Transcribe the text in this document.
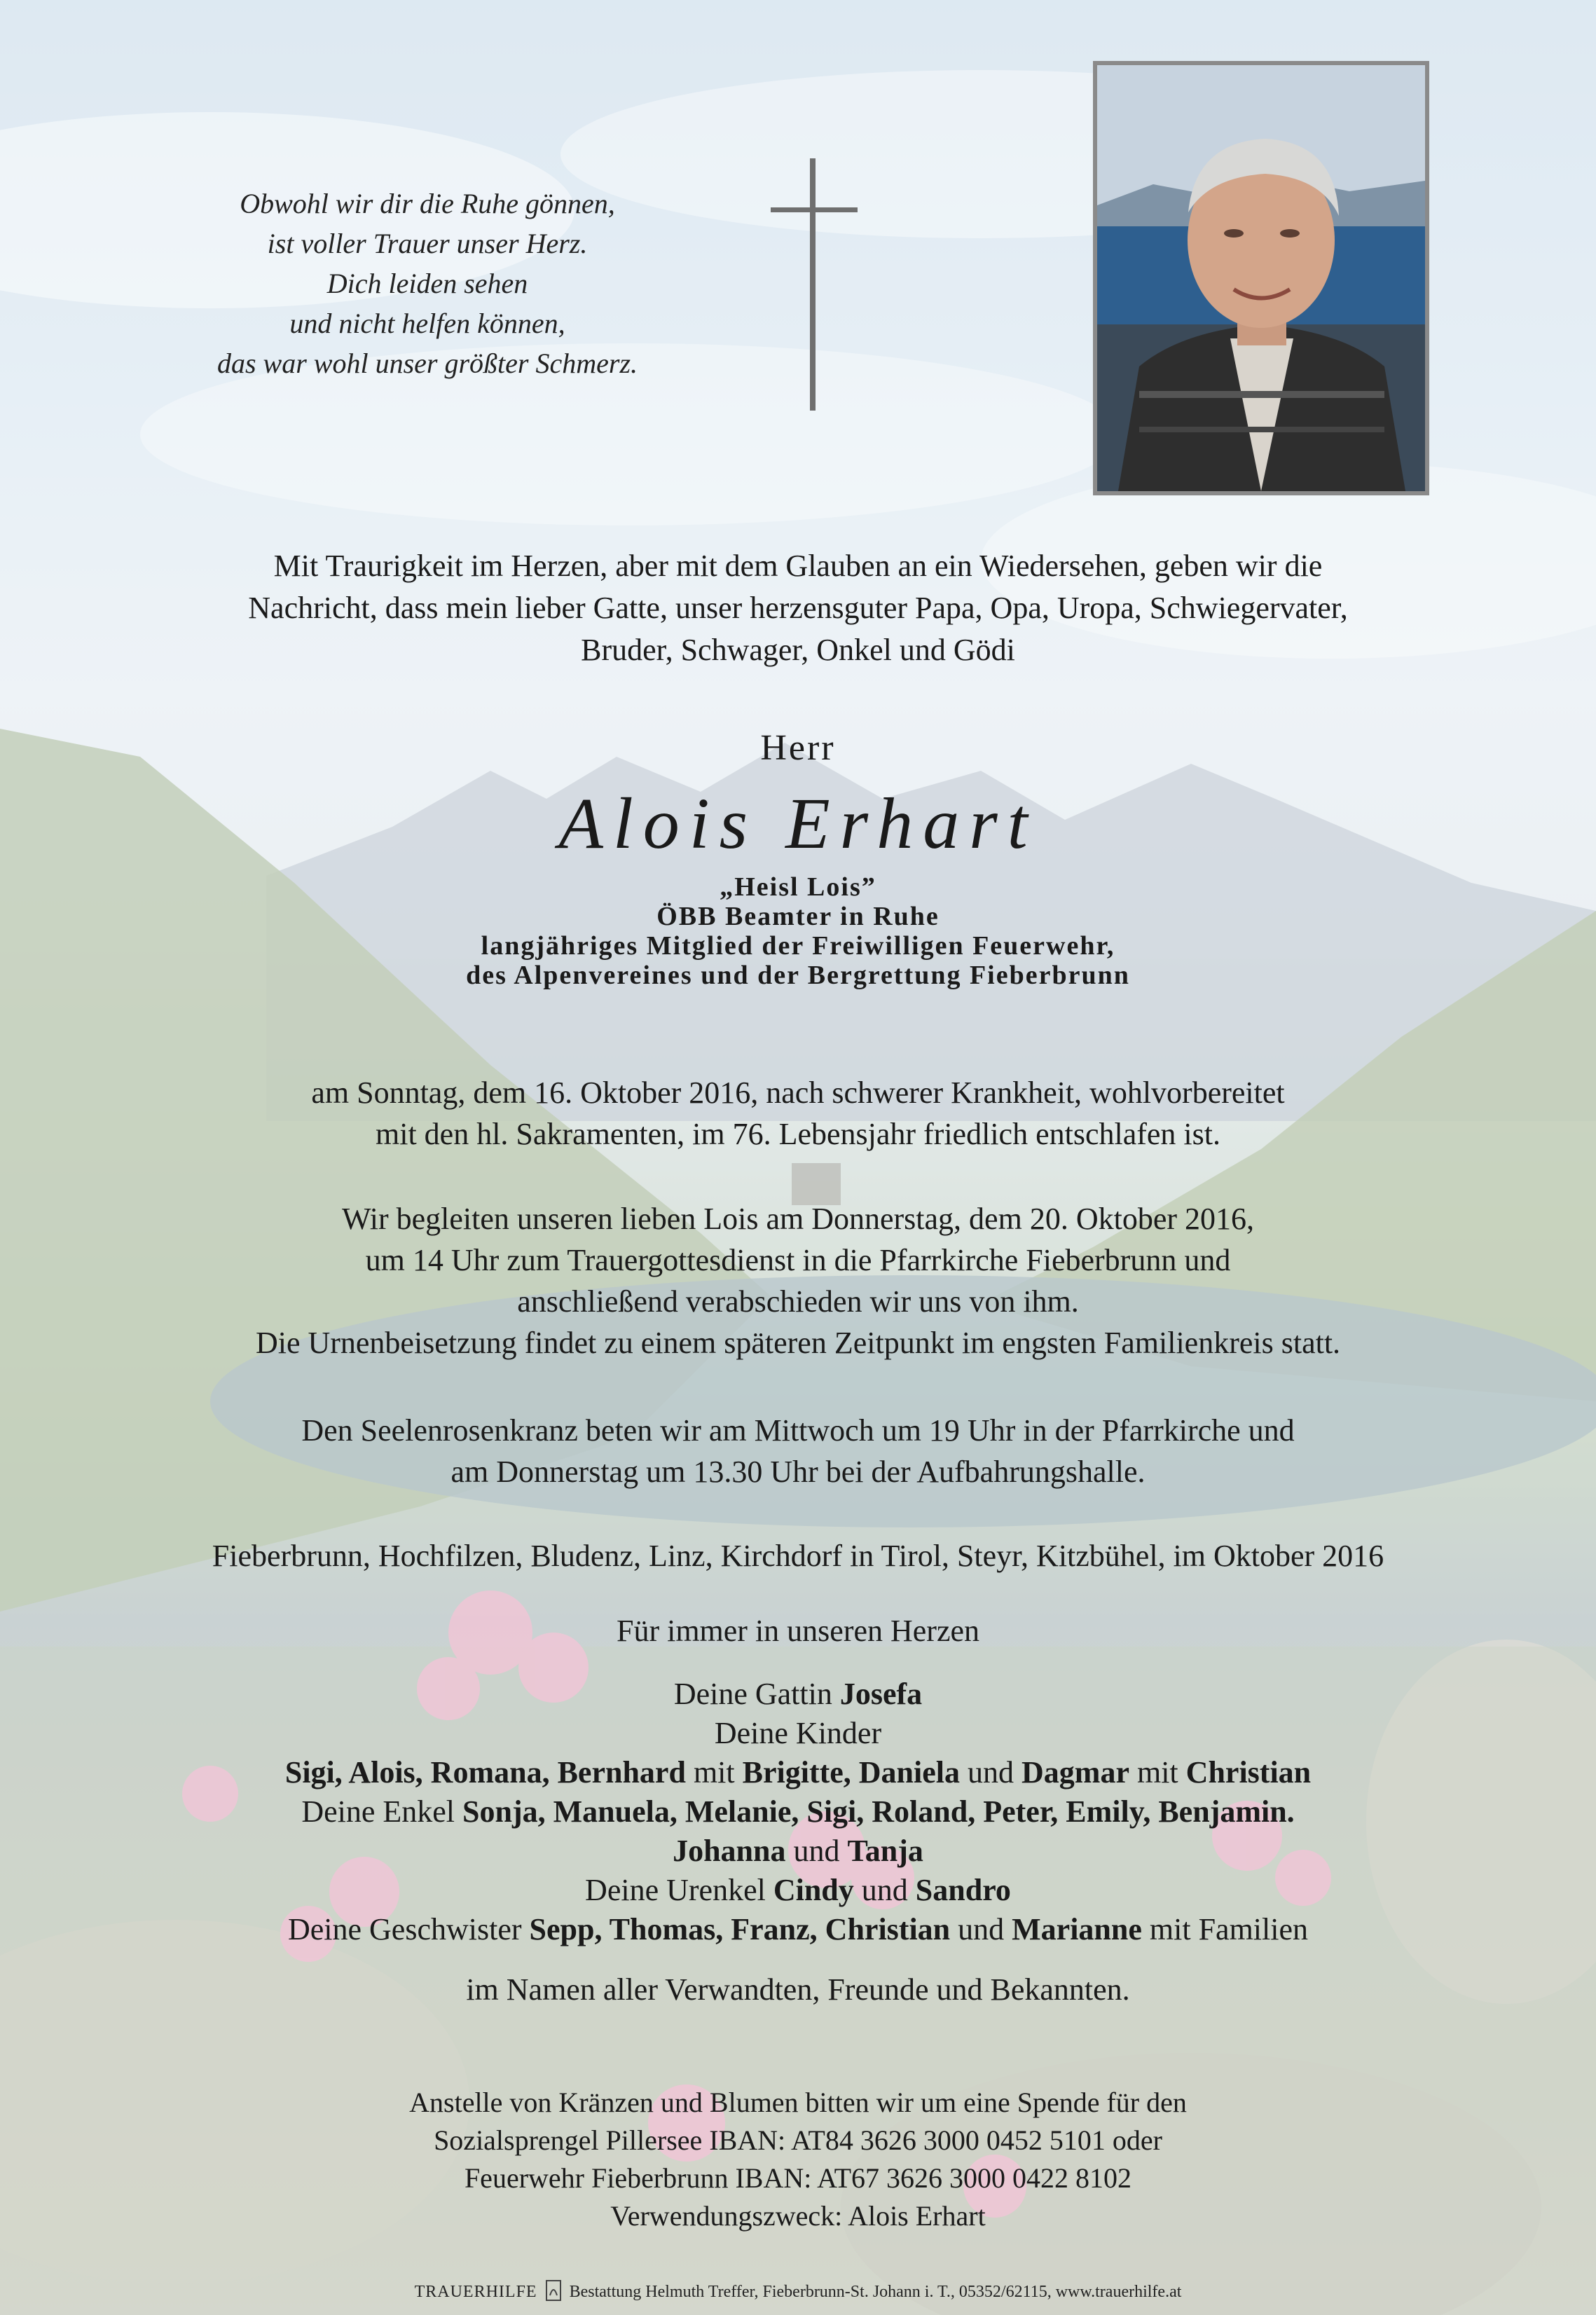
Obwohl wir dir die Ruhe gönnen,
ist voller Trauer unser Herz.
Dich leiden sehen
und nicht helfen können,
das war wohl unser größter Schmerz.
Mit Traurigkeit im Herzen, aber mit dem Glauben an ein Wiedersehen, geben wir die
Nachricht, dass mein lieber Gatte, unser herzensguter Papa, Opa, Uropa, Schwiegervater,
Bruder, Schwager, Onkel und Gödi
Herr
Alois Erhart
„Heisl Lois”
ÖBB Beamter in Ruhe
langjähriges Mitglied der Freiwilligen Feuerwehr,
des Alpenvereines und der Bergrettung Fieberbrunn
am Sonntag, dem 16. Oktober 2016, nach schwerer Krankheit, wohlvorbereitet
mit den hl. Sakramenten, im 76. Lebensjahr friedlich entschlafen ist.
Wir begleiten unseren lieben Lois am Donnerstag, dem 20. Oktober 2016,
um 14 Uhr zum Trauergottesdienst in die Pfarrkirche Fieberbrunn und
anschließend verabschieden wir uns von ihm.
Die Urnenbeisetzung findet zu einem späteren Zeitpunkt im engsten Familienkreis statt.
Den Seelenrosenkranz beten wir am Mittwoch um 19 Uhr in der Pfarrkirche und
am Donnerstag um 13.30 Uhr bei der Aufbahrungshalle.
Fieberbrunn, Hochfilzen, Bludenz, Linz, Kirchdorf in Tirol, Steyr, Kitzbühel, im Oktober 2016
Für immer in unseren Herzen
Deine Gattin Josefa
Deine Kinder
Sigi, Alois, Romana, Bernhard mit Brigitte, Daniela und Dagmar mit Christian
Deine Enkel Sonja, Manuela, Melanie, Sigi, Roland, Peter, Emily, Benjamin.
Johanna und Tanja
Deine Urenkel Cindy und Sandro
Deine Geschwister Sepp, Thomas, Franz, Christian und Marianne mit Familien
im Namen aller Verwandten, Freunde und Bekannten.
Anstelle von Kränzen und Blumen bitten wir um eine Spende für den
Sozialsprengel Pillersee IBAN: AT84 3626 3000 0452 5101 oder
Feuerwehr Fieberbrunn IBAN: AT67 3626 3000 0422 8102
Verwendungszweck: Alois Erhart
TRAUERHILFE Bestattung Helmuth Treffer, Fieberbrunn-St. Johann i. T., 05352/62115, www.trauerhilfe.at
